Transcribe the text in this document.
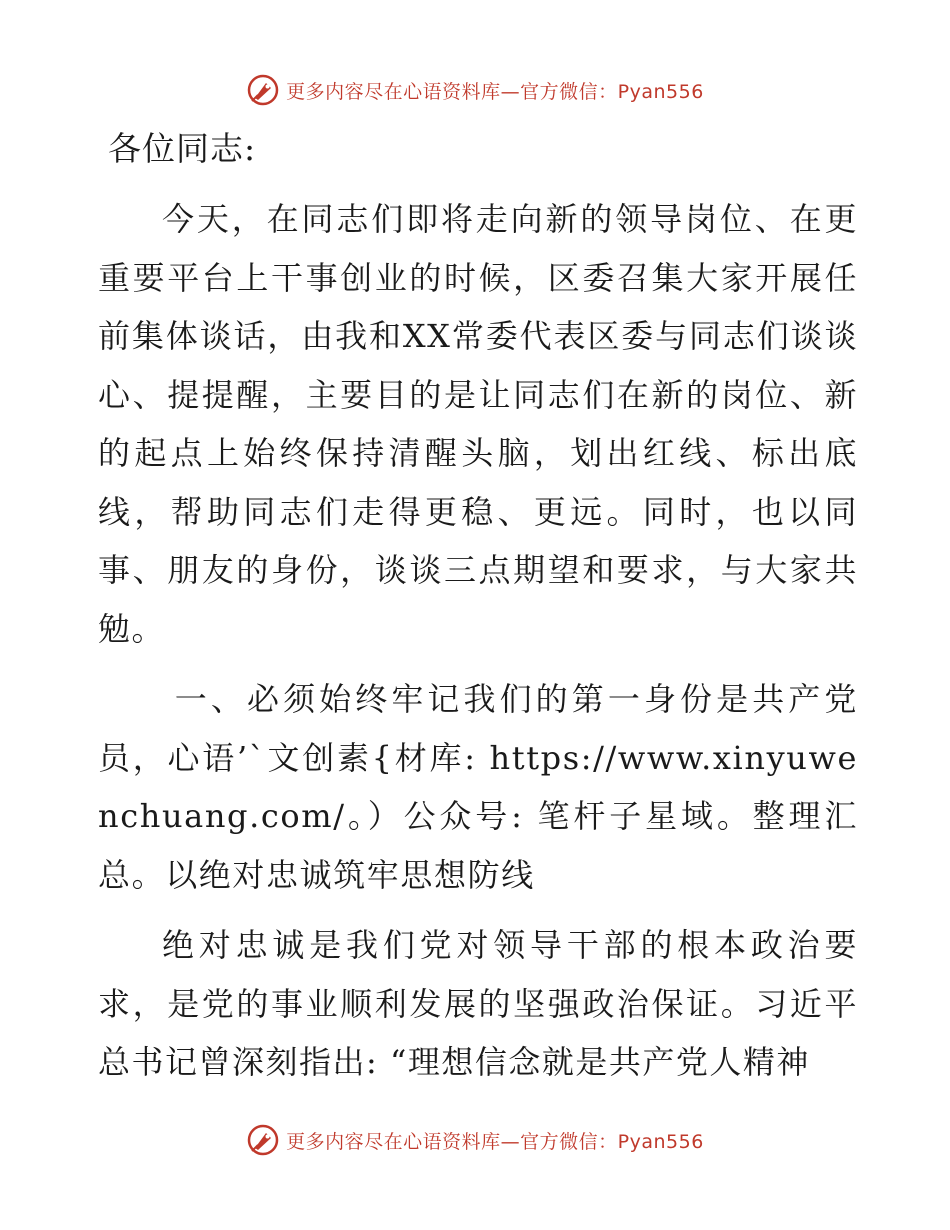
更多内容尽在心语资料库—官方微信：Pyan556
各位同志:

今天，在同志们即将走向新的领导岗位、在更重要平台上干事创业的时候，区委召集大家开展任前集体谈话，由我和XX常委代表区委与同志们谈谈心、提提醒，主要目的是让同志们在新的岗位、新的起点上始终保持清醒头脑，划出红线、标出底线，帮助同志们走得更稳、更远。同时，也以同事、朋友的身份，谈谈三点期望和要求，与大家共勉。

一、必须始终牢记我们的第一身份是共产党员，心语’`文创素{材库: https://www.xinyuwenchuang.com/。）公众号: 笔杆子星域。整理汇总。以绝对忠诚筑牢思想防线

绝对忠诚是我们党对领导干部的根本政治要求，是党的事业顺利发展的坚强政治保证。习近平总书记曾深刻指出: “理想信念就是共产党人精神

更多内容尽在心语资料库—官方微信：Pyan556
